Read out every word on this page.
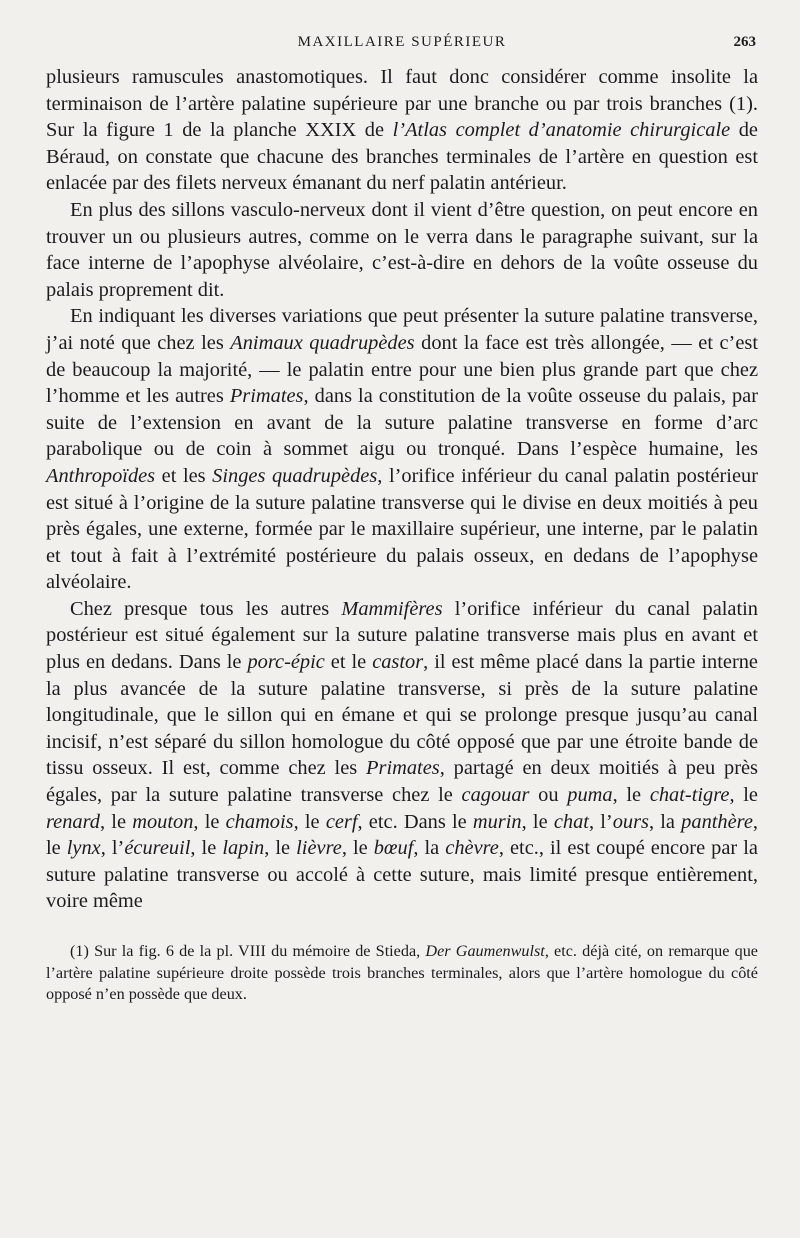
MAXILLAIRE SUPÉRIEUR	263

plusieurs ramuscules anastomotiques. Il faut donc considérer comme insolite la terminaison de l’artère palatine supérieure par une branche ou par trois branches (1). Sur la figure 1 de la planche XXIX de l’Atlas complet d’anatomie chirurgicale de Béraud, on constate que chacune des branches terminales de l’artère en question est enlacée par des filets nerveux émanant du nerf palatin antérieur.

En plus des sillons vasculo-nerveux dont il vient d’être question, on peut encore en trouver un ou plusieurs autres, comme on le verra dans le paragraphe suivant, sur la face interne de l’apophyse alvéolaire, c’est-à-dire en dehors de la voûte osseuse du palais proprement dit.

En indiquant les diverses variations que peut présenter la suture palatine transverse, j’ai noté que chez les Animaux quadrupèdes dont la face est très allongée, — et c’est de beaucoup la majorité, — le palatin entre pour une bien plus grande part que chez l’homme et les autres Primates, dans la constitution de la voûte osseuse du palais, par suite de l’extension en avant de la suture palatine transverse en forme d’arc parabolique ou de coin à sommet aigu ou tronqué. Dans l’espèce humaine, les Anthropoïdes et les Singes quadrupèdes, l’orifice inférieur du canal palatin postérieur est situé à l’origine de la suture palatine transverse qui le divise en deux moitiés à peu près égales, une externe, formée par le maxillaire supérieur, une interne, par le palatin et tout à fait à l’extrémité postérieure du palais osseux, en dedans de l’apophyse alvéolaire.

Chez presque tous les autres Mammifères l’orifice inférieur du canal palatin postérieur est situé également sur la suture palatine transverse mais plus en avant et plus en dedans. Dans le porc-épic et le castor, il est même placé dans la partie interne la plus avancée de la suture palatine transverse, si près de la suture palatine longitudinale, que le sillon qui en émane et qui se prolonge presque jusqu’au canal incisif, n’est séparé du sillon homologue du côté opposé que par une étroite bande de tissu osseux. Il est, comme chez les Primates, partagé en deux moitiés à peu près égales, par la suture palatine transverse chez le cagouar ou puma, le chat-tigre, le renard, le mouton, le chamois, le cerf, etc. Dans le murin, le chat, l’ours, la panthère, le lynx, l’écureuil, le lapin, le lièvre, le bœuf, la chèvre, etc., il est coupé encore par la suture palatine transverse ou accolé à cette suture, mais limité presque entièrement, voire même

(1) Sur la fig. 6 de la pl. VIII du mémoire de Stieda, Der Gaumenwulst, etc. déjà cité, on remarque que l’artère palatine supérieure droite possède trois branches terminales, alors que l’artère homologue du côté opposé n’en possède que deux.
